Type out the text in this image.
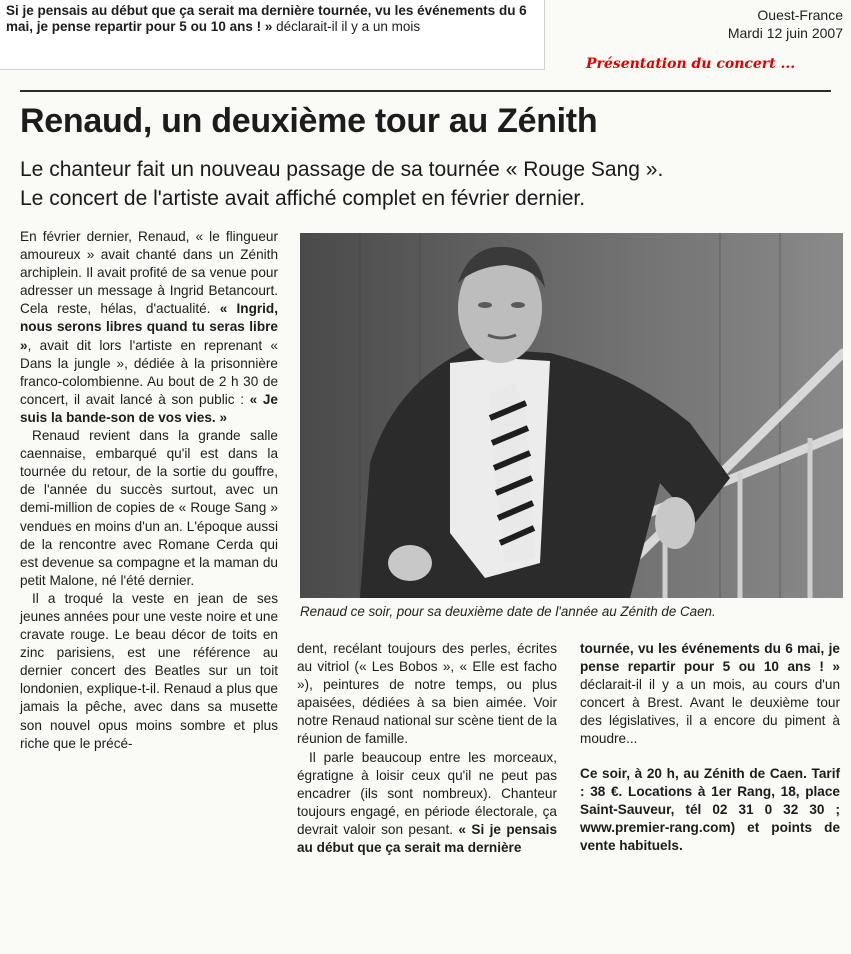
Si je pensais au début que ça serait ma dernière tournée, vu les événements du 6 mai, je pense repartir pour 5 ou 10 ans ! » déclarait-il il y a un mois
Ouest-France
Mardi 12 juin 2007
Présentation du concert ...
Renaud, un deuxième tour au Zénith
Le chanteur fait un nouveau passage de sa tournée « Rouge Sang ».
Le concert de l'artiste avait affiché complet en février dernier.

En février dernier, Renaud, « le flingueur amoureux » avait chanté dans un Zénith archiplein. Il avait profité de sa venue pour adresser un message à Ingrid Betancourt. Cela reste, hélas, d'actualité. « Ingrid, nous serons libres quand tu seras libre », avait dit lors l'artiste en reprenant « Dans la jungle », dédiée à la prisonnière franco-colombienne. Au bout de 2 h 30 de concert, il avait lancé à son public : « Je suis la bande-son de vos vies. »

Renaud revient dans la grande salle caennaise, embarqué qu'il est dans la tournée du retour, de la sortie du gouffre, de l'année du succès surtout, avec un demi-million de copies de « Rouge Sang » vendues en moins d'un an. L'époque aussi de la rencontre avec Romane Cerda qui est devenue sa compagne et la maman du petit Malone, né l'été dernier.

Il a troqué la veste en jean de ses jeunes années pour une veste noire et une cravate rouge. Le beau décor de toits en zinc parisiens, est une référence au dernier concert des Beatles sur un toit londonien, explique-t-il. Renaud a plus que jamais la pêche, avec dans sa musette son nouvel opus moins sombre et plus riche que le précé-

Renaud ce soir, pour sa deuxième date de l'année au Zénith de Caen.

dent, recélant toujours des perles, écrites au vitriol (« Les Bobos », « Elle est facho »), peintures de notre temps, ou plus apaisées, dédiées à sa bien aimée. Voir notre Renaud national sur scène tient de la réunion de famille.

Il parle beaucoup entre les morceaux, égratigne à loisir ceux qu'il ne peut pas encadrer (ils sont nombreux). Chanteur toujours engagé, en période électorale, ça devrait valoir son pesant. « Si je pensais au début que ça serait ma dernière

tournée, vu les événements du 6 mai, je pense repartir pour 5 ou 10 ans ! » déclarait-il il y a un mois, au cours d'un concert à Brest. Avant le deuxième tour des législatives, il a encore du piment à moudre...

Ce soir, à 20 h, au Zénith de Caen. Tarif : 38 €. Locations à 1er Rang, 18, place Saint-Sauveur, tél 02 31 0 32 30 ; www.premier-rang.com) et points de vente habituels.
